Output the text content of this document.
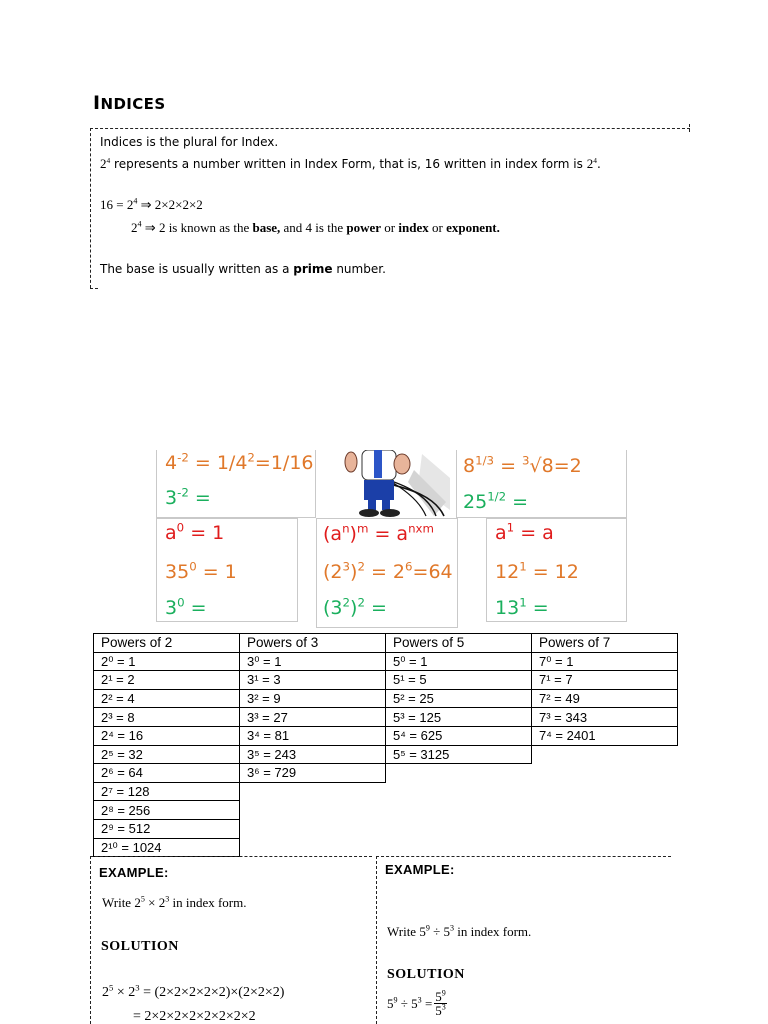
INDICES
Indices is the plural for Index.
$2^4$ represents a number written in Index Form, that is, 16 written in index form is $2^4$.
$16 = 2^4$ ⇒ 2×2×2×2
$2^4$ ⇒ 2 is known as the base, and 4 is the power or index or exponent.
The base is usually written as a prime number.
$4^{-2} = 1/4^2=1/16$
$3^{-2}$ =
$8^{1/3} = ^3√8=2$
$25^{1/2}$ =
$a^0 = 1$
$35^0 = 1$
$3^0$ =
$(a^n)^m = a^{nxm}$
$(2^3)^2 = 2^6=64$
$(3^2)^2$ =
$a^1 = a$
$12^1 = 12$
$13^1$ =
Powers of 2	Powers of 3	Powers of 5	Powers of 7
2⁰ = 1	3⁰ = 1	5⁰ = 1	7⁰ = 1
2¹ = 2	3¹ = 3	5¹ = 5	7¹ = 7
2² = 4	3² = 9	5² = 25	7² = 49
2³ = 8	3³ = 27	5³ = 125	7³ = 343
2⁴ = 16	3⁴ = 81	5⁴ = 625	7⁴ = 2401
2⁵ = 32	3⁵ = 243	5⁵ = 3125	
2⁶ = 64	3⁶ = 729		
2⁷ = 128			
2⁸ = 256			
2⁹ = 512			
2¹⁰ = 1024			
EXAMPLE:
Write $2^5 \times 2^3$ in index form.
SOLUTION
$2^5 \times 2^3 = (2\times 2\times 2\times 2\times 2)\times(2\times 2\times 2)$
= 2×2×2×2×2×2×2×2
EXAMPLE:
Write $5^9 \div 5^3$ in index form.
SOLUTION
$5^9 \div 5^3 = \frac{5^9}{5^3}$
